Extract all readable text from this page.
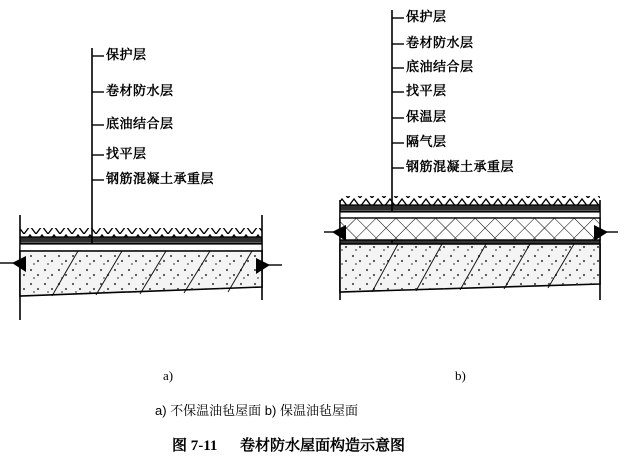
保护层
卷材防水层
底油结合层
找平层
钢筋混凝土承重层
保护层
卷材防水层
底油结合层
找平层
保温层
隔气层
钢筋混凝土承重层
a)	b)
a) 不保温油毡屋面 b) 保温油毡屋面
图 7-11 卷材防水屋面构造示意图
